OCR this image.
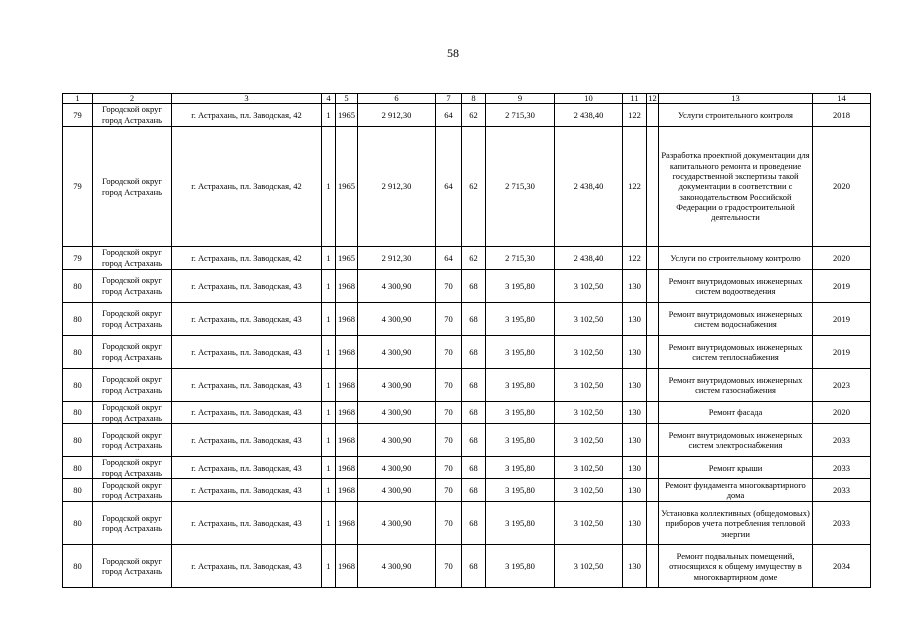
58
1	2	3	4	5	6	7	8	9	10	11	12	13	14
79	Городской округ город Астрахань	г. Астрахань, пл. Заводская, 42	1	1965	2 912,30	64	62	2 715,30	2 438,40	122		Услуги строительного контроля	2018
79	Городской округ город Астрахань	г. Астрахань, пл. Заводская, 42	1	1965	2 912,30	64	62	2 715,30	2 438,40	122		Разработка проектной документации для капитального ремонта и проведение государственной экспертизы такой документации в соответствии с законодательством Российской Федерации о градостроительной деятельности	2020
79	Городской округ город Астрахань	г. Астрахань, пл. Заводская, 42	1	1965	2 912,30	64	62	2 715,30	2 438,40	122		Услуги по строительному контролю	2020
80	Городской округ город Астрахань	г. Астрахань, пл. Заводская, 43	1	1968	4 300,90	70	68	3 195,80	3 102,50	130		Ремонт внутридомовых инженерных систем водоотведения	2019
80	Городской округ город Астрахань	г. Астрахань, пл. Заводская, 43	1	1968	4 300,90	70	68	3 195,80	3 102,50	130		Ремонт внутридомовых инженерных систем водоснабжения	2019
80	Городской округ город Астрахань	г. Астрахань, пл. Заводская, 43	1	1968	4 300,90	70	68	3 195,80	3 102,50	130		Ремонт внутридомовых инженерных систем теплоснабжения	2019
80	Городской округ город Астрахань	г. Астрахань, пл. Заводская, 43	1	1968	4 300,90	70	68	3 195,80	3 102,50	130		Ремонт внутридомовых инженерных систем газоснабжения	2023
80	Городской округ город Астрахань	г. Астрахань, пл. Заводская, 43	1	1968	4 300,90	70	68	3 195,80	3 102,50	130		Ремонт фасада	2020
80	Городской округ город Астрахань	г. Астрахань, пл. Заводская, 43	1	1968	4 300,90	70	68	3 195,80	3 102,50	130		Ремонт внутридомовых инженерных систем электроснабжения	2033
80	Городской округ город Астрахань	г. Астрахань, пл. Заводская, 43	1	1968	4 300,90	70	68	3 195,80	3 102,50	130		Ремонт крыши	2033
80	Городской округ город Астрахань	г. Астрахань, пл. Заводская, 43	1	1968	4 300,90	70	68	3 195,80	3 102,50	130		Ремонт фундамента многоквартирного дома	2033
80	Городской округ город Астрахань	г. Астрахань, пл. Заводская, 43	1	1968	4 300,90	70	68	3 195,80	3 102,50	130		Установка коллективных (общедомовых) приборов учета потребления тепловой энергии	2033
80	Городской округ город Астрахань	г. Астрахань, пл. Заводская, 43	1	1968	4 300,90	70	68	3 195,80	3 102,50	130		Ремонт подвальных помещений, относящихся к общему имуществу в многоквартирном доме	2034
